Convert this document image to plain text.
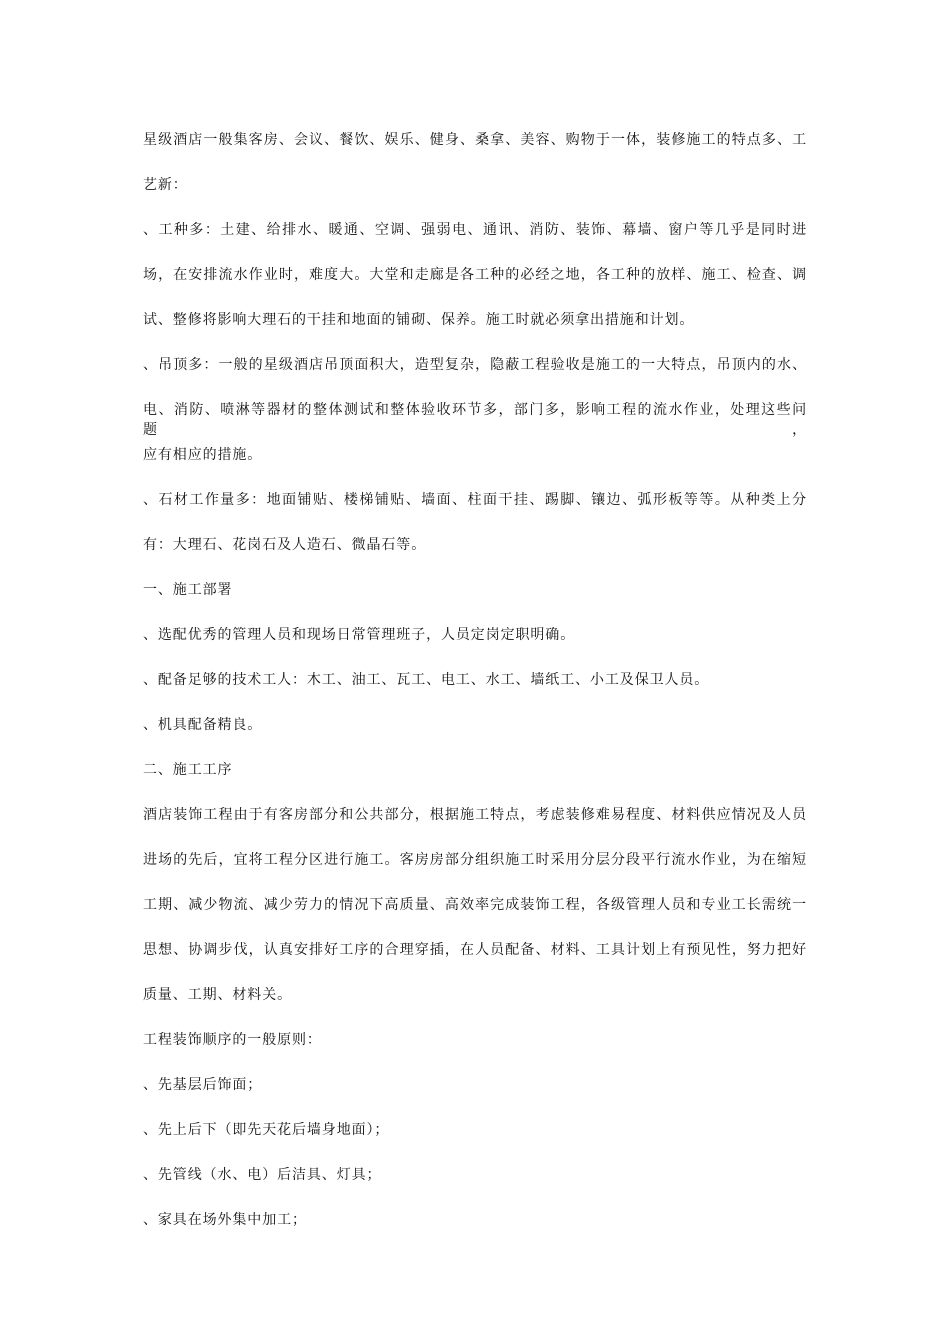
星级酒店一般集客房、会议、餐饮、娱乐、健身、桑拿、美容、购物于一体，装修施工的特点多、工
艺新：
、工种多：土建、给排水、暖通、空调、强弱电、通讯、消防、装饰、幕墙、窗户等几乎是同时进
场，在安排流水作业时，难度大。大堂和走廊是各工种的必经之地，各工种的放样、施工、检查、调
试、整修将影响大理石的干挂和地面的铺砌、保养。施工时就必须拿出措施和计划。
、吊顶多：一般的星级酒店吊顶面积大，造型复杂，隐蔽工程验收是施工的一大特点，吊顶内的水、
电、消防、喷淋等器材的整体测试和整体验收环节多，部门多，影响工程的流水作业，处理这些问题，
应有相应的措施。
、石材工作量多：地面铺贴、楼梯铺贴、墙面、柱面干挂、踢脚、镶边、弧形板等等。从种类上分
有：大理石、花岗石及人造石、微晶石等。
一、施工部署
、选配优秀的管理人员和现场日常管理班子，人员定岗定职明确。
、配备足够的技术工人：木工、油工、瓦工、电工、水工、墙纸工、小工及保卫人员。
、机具配备精良。
二、施工工序
酒店装饰工程由于有客房部分和公共部分，根据施工特点，考虑装修难易程度、材料供应情况及人员
进场的先后，宜将工程分区进行施工。客房房部分组织施工时采用分层分段平行流水作业，为在缩短
工期、减少物流、减少劳力的情况下高质量、高效率完成装饰工程，各级管理人员和专业工长需统一
思想、协调步伐，认真安排好工序的合理穿插，在人员配备、材料、工具计划上有预见性，努力把好
质量、工期、材料关。
工程装饰顺序的一般原则：
、先基层后饰面；
、先上后下（即先天花后墙身地面）；
、先管线（水、电）后洁具、灯具；
、家具在场外集中加工；
